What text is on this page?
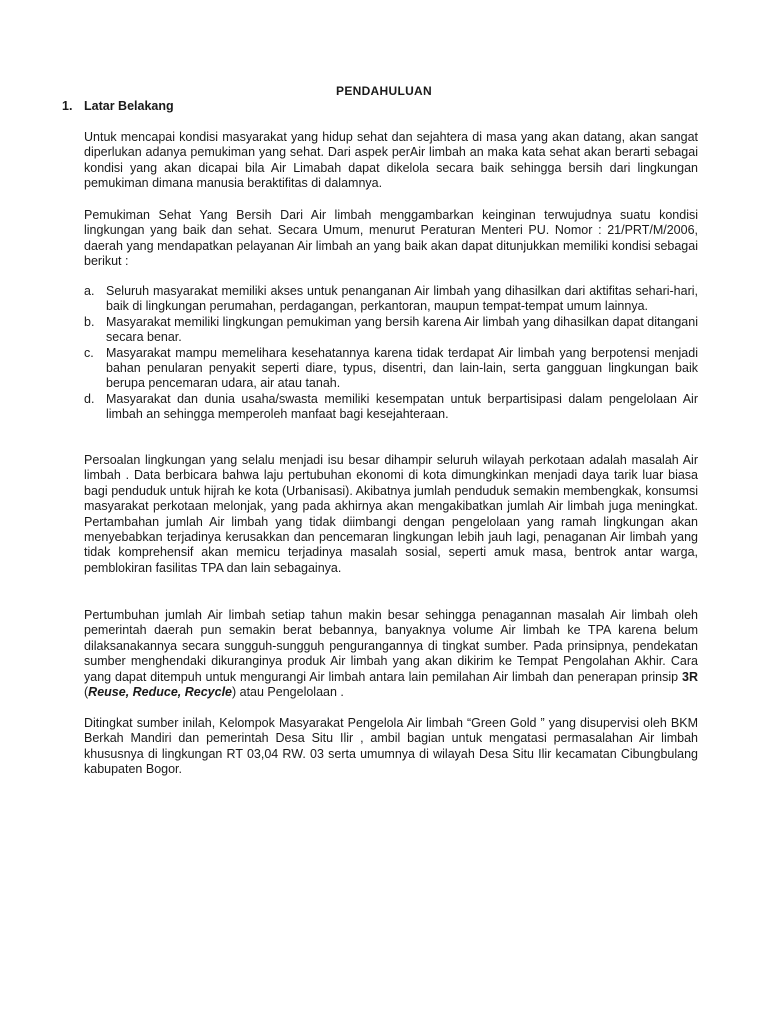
PENDAHULUAN
1. Latar Belakang

Untuk mencapai kondisi masyarakat yang hidup sehat dan sejahtera di masa yang akan datang, akan sangat diperlukan adanya pemukiman yang sehat. Dari aspek perAir limbah an maka kata sehat akan berarti sebagai kondisi yang akan dicapai bila Air Limabah dapat dikelola secara baik sehingga bersih dari lingkungan pemukiman dimana manusia beraktifitas di dalamnya.

Pemukiman Sehat Yang Bersih Dari Air limbah menggambarkan keinginan terwujudnya suatu kondisi lingkungan yang baik dan sehat. Secara Umum, menurut Peraturan Menteri PU. Nomor : 21/PRT/M/2006, daerah yang mendapatkan pelayanan Air limbah an yang baik akan dapat ditunjukkan memiliki kondisi sebagai berikut :

a. Seluruh masyarakat memiliki akses untuk penanganan Air limbah yang dihasilkan dari aktifitas sehari-hari, baik di lingkungan perumahan, perdagangan, perkantoran, maupun tempat-tempat umum lainnya.
b. Masyarakat memiliki lingkungan pemukiman yang bersih karena Air limbah yang dihasilkan dapat ditangani secara benar.
c. Masyarakat mampu memelihara kesehatannya karena tidak terdapat Air limbah yang berpotensi menjadi bahan penularan penyakit seperti diare, typus, disentri, dan lain-lain, serta gangguan lingkungan baik berupa pencemaran udara, air atau tanah.
d. Masyarakat dan dunia usaha/swasta memiliki kesempatan untuk berpartisipasi dalam pengelolaan Air limbah an sehingga memperoleh manfaat bagi kesejahteraan.

Persoalan lingkungan yang selalu menjadi isu besar dihampir seluruh wilayah perkotaan adalah masalah Air limbah . Data berbicara bahwa laju pertubuhan ekonomi di kota dimungkinkan menjadi daya tarik luar biasa bagi penduduk untuk hijrah ke kota (Urbanisasi). Akibatnya jumlah penduduk semakin membengkak, konsumsi masyarakat perkotaan melonjak, yang pada akhirnya akan mengakibatkan jumlah Air limbah juga meningkat. Pertambahan jumlah Air limbah yang tidak diimbangi dengan pengelolaan yang ramah lingkungan akan menyebabkan terjadinya kerusakkan dan pencemaran lingkungan lebih jauh lagi, penaganan Air limbah yang tidak komprehensif akan memicu terjadinya masalah sosial, seperti amuk masa, bentrok antar warga, pemblokiran fasilitas TPA dan lain sebagainya.

Pertumbuhan jumlah Air limbah setiap tahun makin besar sehingga penagannan masalah Air limbah oleh pemerintah daerah pun semakin berat bebannya, banyaknya volume Air limbah ke TPA karena belum dilaksanakannya secara sungguh-sungguh pengurangannya di tingkat sumber. Pada prinsipnya, pendekatan sumber menghendaki dikuranginya produk Air limbah yang akan dikirim ke Tempat Pengolahan Akhir. Cara yang dapat ditempuh untuk mengurangi Air limbah antara lain pemilahan Air limbah dan penerapan prinsip 3R (Reuse, Reduce, Recycle) atau Pengelolaan .

Ditingkat sumber inilah, Kelompok Masyarakat Pengelola Air limbah “Green Gold ” yang disupervisi oleh BKM Berkah Mandiri dan pemerintah Desa Situ Ilir , ambil bagian untuk mengatasi permasalahan Air limbah khususnya di lingkungan RT 03,04 RW. 03 serta umumnya di wilayah Desa Situ Ilir kecamatan Cibungbulang kabupaten Bogor.
